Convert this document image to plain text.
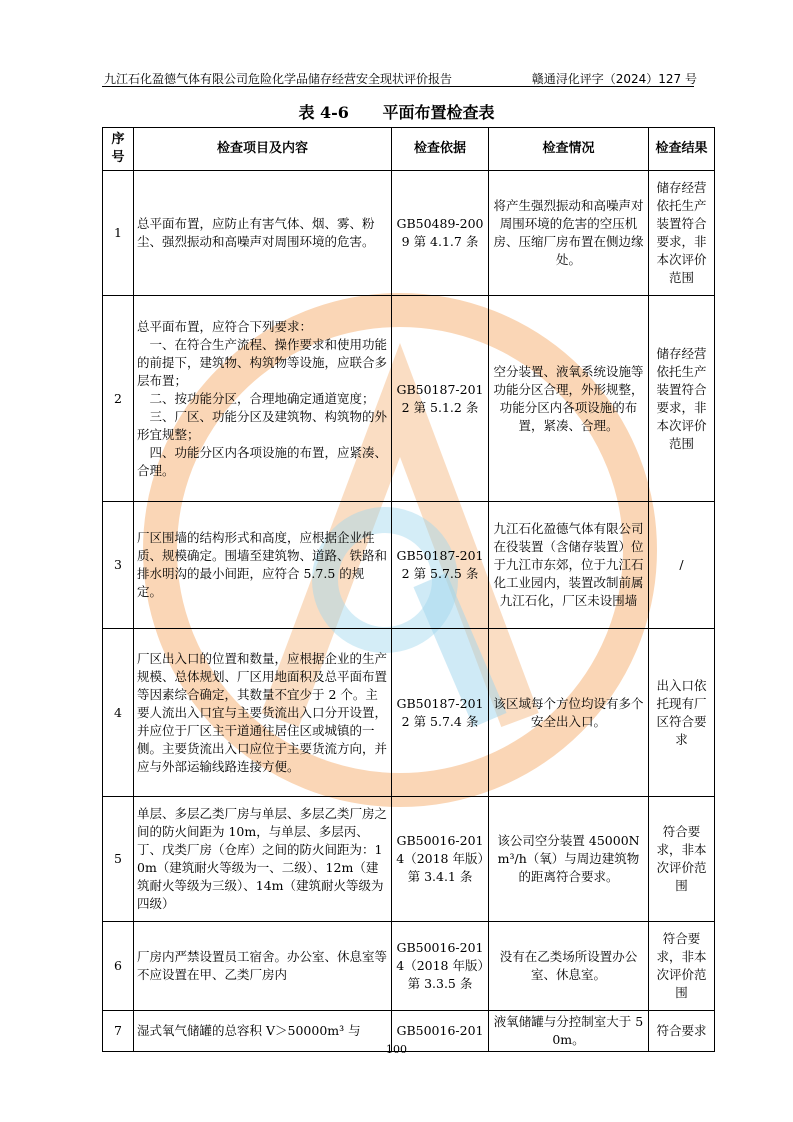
九江石化盈德气体有限公司危险化学品储存经营安全现状评价报告	赣通浔化评字（2024）127 号
表 4-6 平面布置检查表
序号	检查项目及内容	检查依据	检查情况	检查结果
1	总平面布置，应防止有害气体、烟、雾、粉尘、强烈振动和高噪声对周围环境的危害。	GB50489-2009 第 4.1.7 条	将产生强烈振动和高噪声对周围环境的危害的空压机房、压缩厂房布置在侧边缘处。	储存经营依托生产装置符合要求，非本次评价范围
2	总平面布置，应符合下列要求：
　一、在符合生产流程、操作要求和使用功能的前提下，建筑物、构筑物等设施，应联合多层布置；
　二、按功能分区，合理地确定通道宽度；
　三、厂区、功能分区及建筑物、构筑物的外形宜规整；
　四、功能分区内各项设施的布置，应紧凑、合理。	GB50187-2012 第 5.1.2 条	空分装置、液氧系统设施等功能分区合理，外形规整，功能分区内各项设施的布置，紧凑、合理。	储存经营依托生产装置符合要求，非本次评价范围
3	厂区围墙的结构形式和高度，应根据企业性质、规模确定。围墙至建筑物、道路、铁路和排水明沟的最小间距，应符合 5.7.5 的规定。	GB50187-2012 第 5.7.5 条	九江石化盈德气体有限公司在役装置（含储存装置）位于九江市东郊，位于九江石化工业园内，装置改制前属九江石化，厂区未设围墙	/
4	厂区出入口的位置和数量，应根据企业的生产规模、总体规划、厂区用地面积及总平面布置等因素综合确定，其数量不宜少于 2 个。主要人流出入口宜与主要货流出入口分开设置，并应位于厂区主干道通往居住区或城镇的一侧。主要货流出入口应位于主要货流方向，并应与外部运输线路连接方便。	GB50187-2012 第 5.7.4 条	该区域每个方位均设有多个安全出入口。	出入口依托现有厂区符合要求
5	单层、多层乙类厂房与单层、多层乙类厂房之间的防火间距为 10m，与单层、多层丙、丁、戊类厂房（仓库）之间的防火间距为：10m（建筑耐火等级为一、二级）、12m（建筑耐火等级为三级）、14m（建筑耐火等级为四级）	GB50016-2014（2018 年版）第 3.4.1 条	该公司空分装置 45000Nm³/h（氧）与周边建筑物的距离符合要求。	符合要求，非本次评价范围
6	厂房内严禁设置员工宿舍。办公室、休息室等不应设置在甲、乙类厂房内	GB50016-2014（2018 年版）第 3.3.5 条	没有在乙类场所设置办公室、休息室。	符合要求，非本次评价范围
7	湿式氧气储罐的总容积 V＞50000m³ 与	GB50016-201	液氧储罐与分控制室大于 50m。	符合要求
100
